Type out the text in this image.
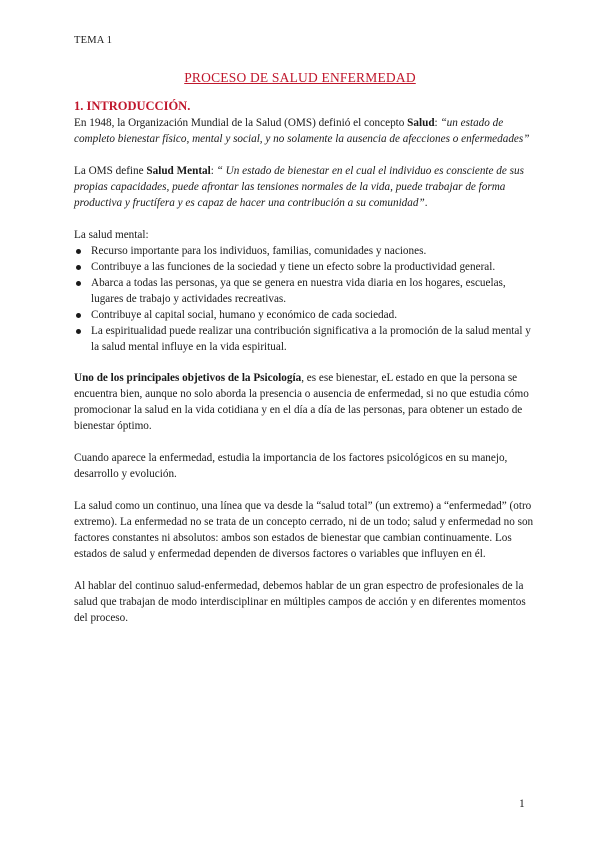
TEMA 1
PROCESO DE SALUD ENFERMEDAD
1. INTRODUCCIÓN.

En 1948, la Organización Mundial de la Salud (OMS) definió el concepto Salud: “un estado de completo bienestar físico, mental y social, y no solamente la ausencia de afecciones o enfermedades”

La OMS define Salud Mental: “ Un estado de bienestar en el cual el individuo es consciente de sus propias capacidades, puede afrontar las tensiones normales de la vida, puede trabajar de forma productiva y fructífera y es capaz de hacer una contribución a su comunidad”.

La salud mental:

Recurso importante para los individuos, familias, comunidades y naciones.
Contribuye a las funciones de la sociedad y tiene un efecto sobre la productividad general.
Abarca a todas las personas, ya que se genera en nuestra vida diaria en los hogares, escuelas, lugares de trabajo y actividades recreativas.
Contribuye al capital social, humano y económico de cada sociedad.
La espiritualidad puede realizar una contribución significativa a la promoción de la salud mental y la salud mental influye en la vida espiritual.

Uno de los principales objetivos de la Psicología, es ese bienestar, eL estado en que la persona se encuentra bien, aunque no solo aborda la presencia o ausencia de enfermedad, si no que estudia cómo promocionar la salud en la vida cotidiana y en el día a día de las personas, para obtener un estado de bienestar óptimo.

Cuando aparece la enfermedad, estudia la importancia de los factores psicológicos en su manejo, desarrollo y evolución.

La salud como un continuo, una línea que va desde la “salud total” (un extremo) a “enfermedad” (otro extremo). La enfermedad no se trata de un concepto cerrado, ni de un todo; salud y enfermedad no son factores constantes ni absolutos: ambos son estados de bienestar que cambian continuamente. Los estados de salud y enfermedad dependen de diversos factores o variables que influyen en él.

Al hablar del continuo salud-enfermedad, debemos hablar de un gran espectro de profesionales de la salud que trabajan de modo interdisciplinar en múltiples campos de acción y en diferentes momentos del proceso.

1
